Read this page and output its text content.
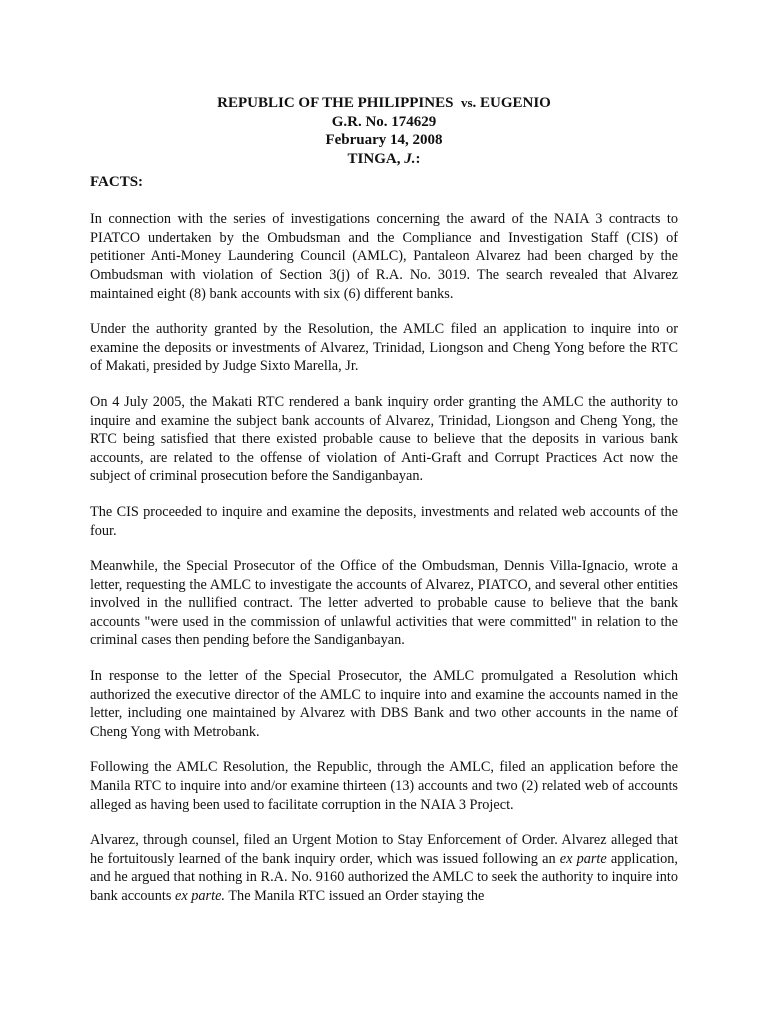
REPUBLIC OF THE PHILIPPINES vs. EUGENIO
G.R. No. 174629
February 14, 2008
TINGA, J.:
FACTS:

In connection with the series of investigations concerning the award of the NAIA 3 contracts to PIATCO undertaken by the Ombudsman and the Compliance and Investigation Staff (CIS) of petitioner Anti-Money Laundering Council (AMLC), Pantaleon Alvarez had been charged by the Ombudsman with violation of Section 3(j) of R.A. No. 3019. The search revealed that Alvarez maintained eight (8) bank accounts with six (6) different banks.

Under the authority granted by the Resolution, the AMLC filed an application to inquire into or examine the deposits or investments of Alvarez, Trinidad, Liongson and Cheng Yong before the RTC of Makati, presided by Judge Sixto Marella, Jr.

On 4 July 2005, the Makati RTC rendered a bank inquiry order granting the AMLC the authority to inquire and examine the subject bank accounts of Alvarez, Trinidad, Liongson and Cheng Yong, the RTC being satisfied that there existed probable cause to believe that the deposits in various bank accounts, are related to the offense of violation of Anti-Graft and Corrupt Practices Act now the subject of criminal prosecution before the Sandiganbayan.

The CIS proceeded to inquire and examine the deposits, investments and related web accounts of the four.

Meanwhile, the Special Prosecutor of the Office of the Ombudsman, Dennis Villa-Ignacio, wrote a letter, requesting the AMLC to investigate the accounts of Alvarez, PIATCO, and several other entities involved in the nullified contract. The letter adverted to probable cause to believe that the bank accounts "were used in the commission of unlawful activities that were committed" in relation to the criminal cases then pending before the Sandiganbayan.

In response to the letter of the Special Prosecutor, the AMLC promulgated a Resolution which authorized the executive director of the AMLC to inquire into and examine the accounts named in the letter, including one maintained by Alvarez with DBS Bank and two other accounts in the name of Cheng Yong with Metrobank.

Following the AMLC Resolution, the Republic, through the AMLC, filed an application before the Manila RTC to inquire into and/or examine thirteen (13) accounts and two (2) related web of accounts alleged as having been used to facilitate corruption in the NAIA 3 Project.

Alvarez, through counsel, filed an Urgent Motion to Stay Enforcement of Order. Alvarez alleged that he fortuitously learned of the bank inquiry order, which was issued following an ex parte application, and he argued that nothing in R.A. No. 9160 authorized the AMLC to seek the authority to inquire into bank accounts ex parte. The Manila RTC issued an Order staying the
